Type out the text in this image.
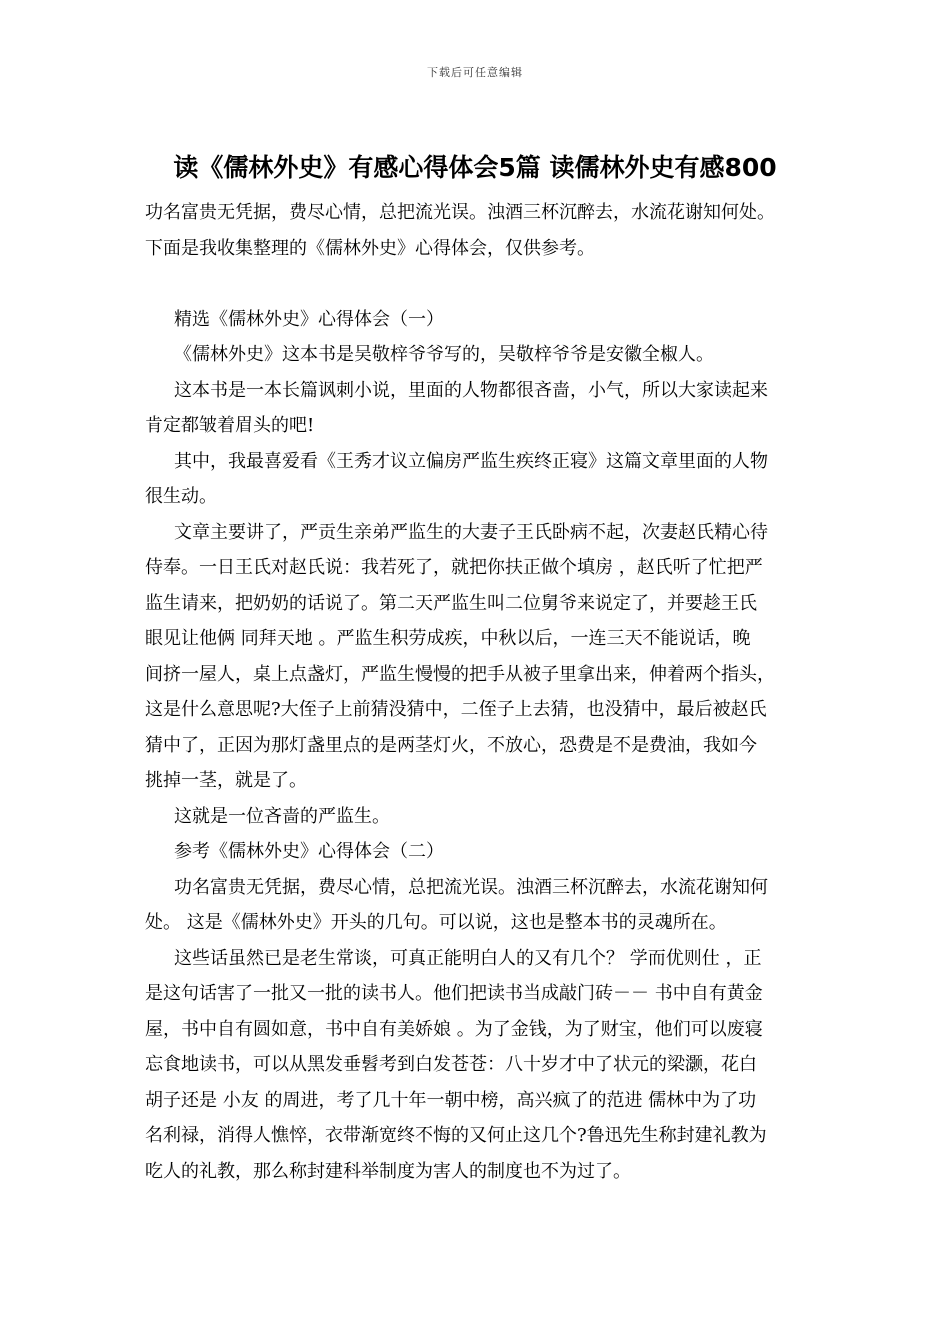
下载后可任意编辑
读《儒林外史》有感心得体会5篇 读儒林外史有感800
功名富贵无凭据，费尽心情，总把流光误。浊酒三杯沉醉去，水流花谢知何处。
下面是我收集整理的《儒林外史》心得体会，仅供参考。
精选《儒林外史》心得体会（一）
《儒林外史》这本书是吴敬梓爷爷写的，吴敬梓爷爷是安徽全椒人。
这本书是一本长篇讽刺小说，里面的人物都很吝啬，小气，所以大家读起来
肯定都皱着眉头的吧!
其中，我最喜爱看《王秀才议立偏房严监生疾终正寝》这篇文章里面的人物
很生动。
文章主要讲了，严贡生亲弟严监生的大妻子王氏卧病不起，次妻赵氏精心待
侍奉。一日王氏对赵氏说：我若死了，就把你扶正做个填房 ，赵氏听了忙把严
监生请来，把奶奶的话说了。第二天严监生叫二位舅爷来说定了，并要趁王氏
眼见让他俩 同拜天地 。严监生积劳成疾，中秋以后，一连三天不能说话，晚
间挤一屋人，桌上点盏灯，严监生慢慢的把手从被子里拿出来，伸着两个指头，
这是什么意思呢?大侄子上前猜没猜中，二侄子上去猜，也没猜中，最后被赵氏
猜中了，正因为那灯盏里点的是两茎灯火，不放心，恐费是不是费油，我如今
挑掉一茎，就是了。
这就是一位吝啬的严监生。
参考《儒林外史》心得体会（二）
功名富贵无凭据，费尽心情，总把流光误。浊酒三杯沉醉去，水流花谢知何
处。 这是《儒林外史》开头的几句。可以说，这也是整本书的灵魂所在。
这些话虽然已是老生常谈，可真正能明白人的又有几个？ 学而优则仕 ，正
是这句话害了一批又一批的读书人。他们把读书当成敲门砖－－ 书中自有黄金
屋，书中自有圆如意，书中自有美娇娘 。为了金钱，为了财宝，他们可以废寝
忘食地读书，可以从黑发垂髫考到白发苍苍：八十岁才中了状元的梁灏，花白
胡子还是 小友 的周进，考了几十年一朝中榜，高兴疯了的范进 儒林中为了功
名利禄，消得人憔悴，衣带渐宽终不悔的又何止这几个?鲁迅先生称封建礼教为
吃人的礼教，那么称封建科举制度为害人的制度也不为过了。
